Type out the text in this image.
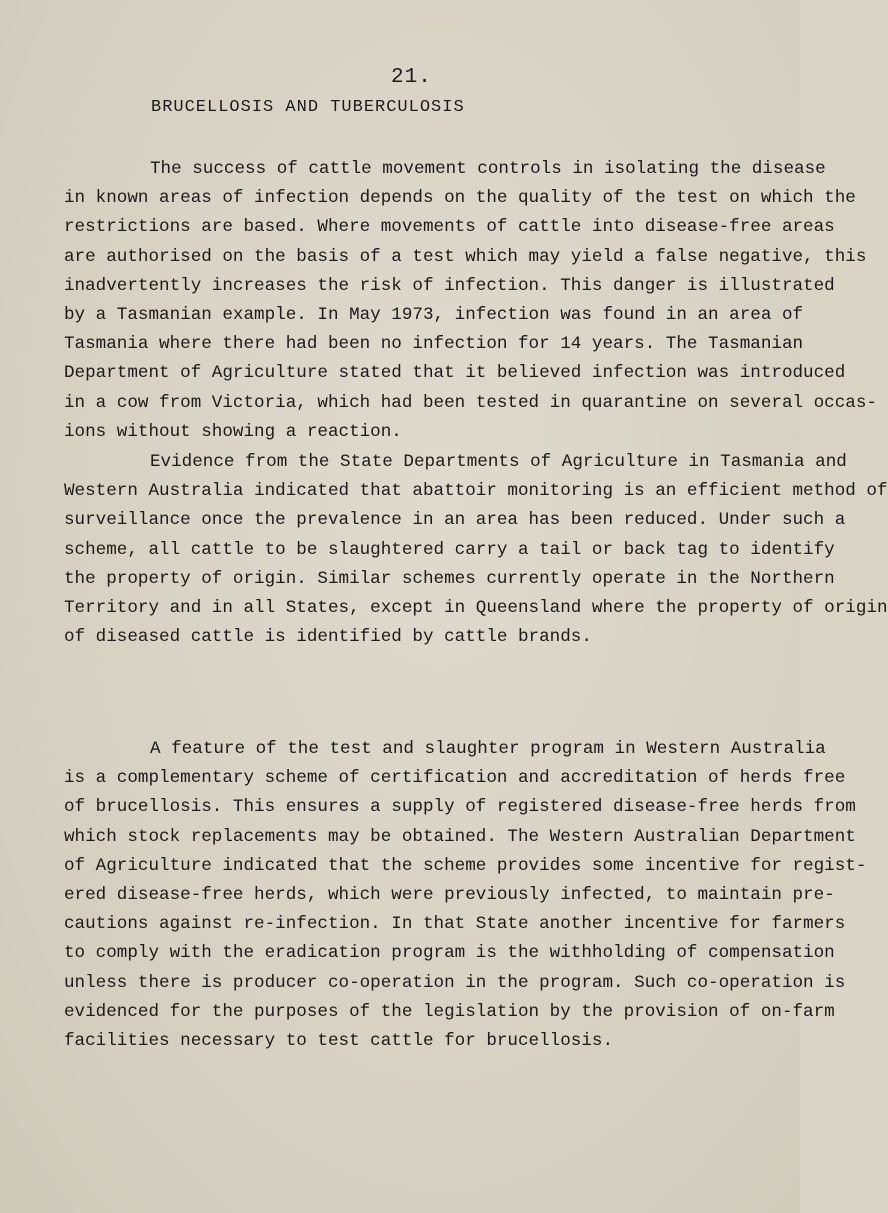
21.
BRUCELLOSIS AND TUBERCULOSIS
The success of cattle movement controls in isolating the disease
in known areas of infection depends on the quality of the test on which the
restrictions are based. Where movements of cattle into disease-free areas
are authorised on the basis of a test which may yield a false negative, this
inadvertently increases the risk of infection. This danger is illustrated
by a Tasmanian example. In May 1973, infection was found in an area of
Tasmania where there had been no infection for 14 years. The Tasmanian
Department of Agriculture stated that it believed infection was introduced
in a cow from Victoria, which had been tested in quarantine on several occas-
ions without showing a reaction.
Evidence from the State Departments of Agriculture in Tasmania and
Western Australia indicated that abattoir monitoring is an efficient method of
surveillance once the prevalence in an area has been reduced. Under such a
scheme, all cattle to be slaughtered carry a tail or back tag to identify
the property of origin. Similar schemes currently operate in the Northern
Territory and in all States, except in Queensland where the property of origin
of diseased cattle is identified by cattle brands.
A feature of the test and slaughter program in Western Australia
is a complementary scheme of certification and accreditation of herds free
of brucellosis. This ensures a supply of registered disease-free herds from
which stock replacements may be obtained. The Western Australian Department
of Agriculture indicated that the scheme provides some incentive for regist-
ered disease-free herds, which were previously infected, to maintain pre-
cautions against re-infection. In that State another incentive for farmers
to comply with the eradication program is the withholding of compensation
unless there is producer co-operation in the program. Such co-operation is
evidenced for the purposes of the legislation by the provision of on-farm
facilities necessary to test cattle for brucellosis.
